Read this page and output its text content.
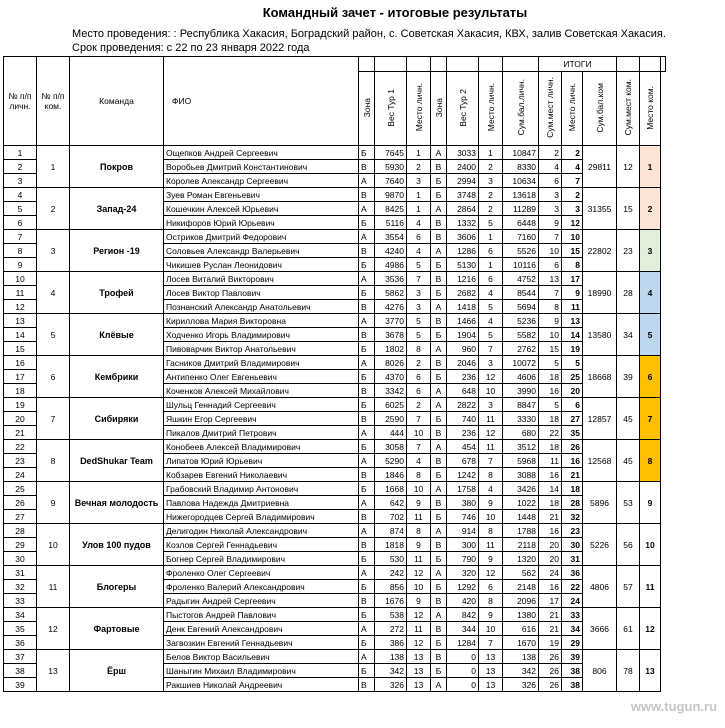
Командный зачет - итоговые результаты
Место проведения: : Республика Хакасия, Боградский район, с. Советская Хакасия, КВХ, залив Советская Хакасия.
Срок проведения: с 22 по 23 января 2022 года
№ п/п личн.	№ п/п ком.	Команда	ФИО								ИТОГИ					
				Зона	Вес Тур 1	Место личн.	Зона	Вес Тур 2	Место личн.	Сум.бал.личн.	Сум.мест личн.	Место личн.	Сум.бал.ком	Сум.мест ком.	Место ком.	
1	1	Покров	Ощепков Андрей Сергеевич	Б	7645	1	А	3033	1	10847	2	2	29811	12	1	
2			Воробьев Дмитрий Константинович	В	5930	2	В	2400	2	8330	4	4				
3			Королев Александр Сергеевич	А	7640	3	Б	2994	3	10634	6	7				
4	2	Запад-24	Зуев Роман Евгеньевич	В	9870	1	Б	3748	2	13618	3	2	31355	15	2	
5			Кошечкин Алексей Юрьевич	А	8425	1	А	2864	2	11289	3	3				
6			Никифоров Юрий Юрьевич	Б	5116	4	В	1332	5	6448	9	12				
7	3	Регион -19	Остриков Дмитрий Федорович	А	3554	6	В	3606	1	7160	7	10	22802	23	3	
8			Соловьев Александр Валерьевич	В	4240	4	А	1286	6	5526	10	15				
9			Чикишев Руслан Леонидович	Б	4986	5	Б	5130	1	10116	6	8				
10	4	Трофей	Лосев Виталий Викторович	А	3536	7	В	1216	6	4752	13	17	18990	28	4	
11			Лосев Виктор Павлович	Б	5862	3	Б	2682	4	8544	7	9				
12			Познанский Александр Анатольевич	В	4276	3	А	1418	5	5694	8	11				
13	5	Клёвые	Кириллова Мария Викторовна	А	3770	5	В	1466	4	5236	9	13	13580	34	5	
14			Ходченко Игорь Владимирович	В	3678	5	Б	1904	5	5582	10	14				
15			Пивоварчик Виктор Анатольевич	Б	1802	8	А	960	7	2762	15	19				
16	6	Кембрики	Гасников Дмитрий Владимирович	А	8026	2	В	2046	3	10072	5	5	18668	39	6	
17			Антипенко Олег Евгеньевич	Б	4370	6	Б	236	12	4606	18	25				
18			Коченков Алексей Михайлович	В	3342	6	А	648	10	3990	16	20				
19	7	Сибиряки	Шульц Геннадий Сергеевич	Б	6025	2	А	2822	3	8847	5	6	12857	45	7	
20			Яшкин Егор Сергеевич	В	2590	7	Б	740	11	3330	18	27				
21			Пикалов Дмитрий Петрович	А	444	10	В	236	12	680	22	35				
22	8	DedShukar Team	Конобеев Алексей Владимирович	Б	3058	7	А	454	11	3512	18	26	12568	45	8	
23			Липатов Юрий Юрьевич	А	5290	4	В	678	7	5968	11	16				
24			Кобзарев Евгений Николаевич	В	1846	8	Б	1242	8	3088	16	21				
25	9	Вечная молодость	Грабовский Владимир Антонович	Б	1668	10	А	1758	4	3426	14	18	5896	53	9	
26			Павлова Надежда Дмитриевна	А	642	9	В	380	9	1022	18	28				
27			Нижегородцев Сергей Владимирович	В	702	11	Б	746	10	1448	21	32				
28	10	Улов 100 пудов	Делигодин Николай Александрович	А	874	8	А	914	8	1788	16	23	5226	56	10	
29			Козлов Сергей Геннадьевич	В	1818	9	В	300	11	2118	20	30				
30			Богнер Сергей Владимирович	Б	530	11	Б	790	9	1320	20	31				
31	11	Блогеры	Фроленко Олег Сергеевич	А	242	12	А	320	12	562	24	36	4806	57	11	
32			Фроленко Валерий Александрович	Б	856	10	Б	1292	6	2148	16	22				
33			Радыгин Андрей Сергеевич	В	1676	9	В	420	8	2096	17	24				
34	12	Фартовые	Пыстогов Андрей Павлович	Б	538	12	А	842	9	1380	21	33	3666	61	12	
35			Денк Евгений Александрович	А	272	11	В	344	10	616	21	34				
36			Загвозкин Евгений Геннадьевич	Б	386	12	Б	1284	7	1670	19	29				
37	13	Ёрш	Белов Виктор Васильевич	А	138	13	В	0	13	138	26	39	806	78	13	
38			Шаныгин Михаил Владимирович	Б	342	13	Б	0	13	342	26	38				
39			Ракшиев Николай Андреевич	В	326	13	А	0	13	326	26	38				
www.tugun.ru
